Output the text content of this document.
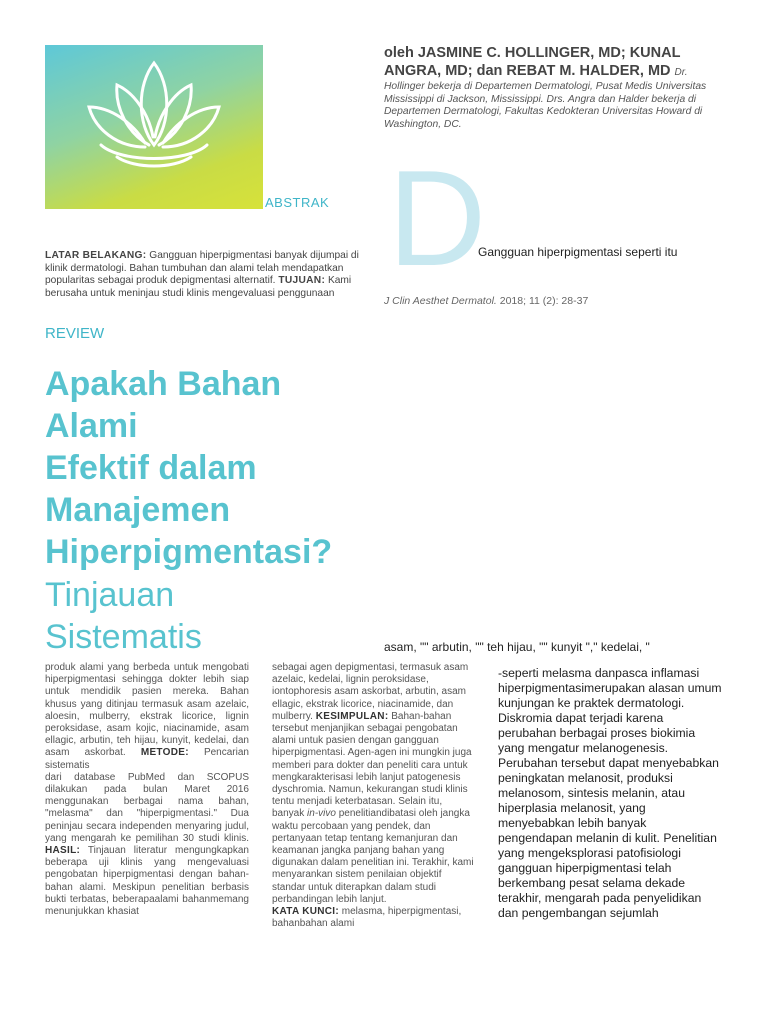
ABSTRAK
oleh JASMINE C. HOLLINGER, MD; KUNAL ANGRA, MD; dan REBAT M. HALDER, MD Dr.
Hollinger bekerja di Departemen Dermatologi, Pusat Medis Universitas Mississippi di Jackson, Mississippi. Drs. Angra dan Halder bekerja di Departemen Dermatologi, Fakultas Kedokteran Universitas Howard di Washington, DC.
D
Gangguan hiperpigmentasi seperti itu
LATAR BELAKANG: Gangguan hiperpigmentasi banyak dijumpai di klinik dermatologi. Bahan tumbuhan dan alami telah mendapatkan popularitas sebagai produk depigmentasi alternatif. TUJUAN: Kami berusaha untuk meninjau studi klinis mengevaluasi penggunaan
J Clin Aesthet Dermatol. 2018; 11 (2): 28-37
REVIEW
Apakah Bahan
Alami
Efektif dalam
Manajemen
Hiperpigmentasi?
Tinjauan
Sistematis	asam, "" arbutin, "" teh hijau, "" kunyit "," kedelai, "

produk alami yang berbeda untuk mengobati hiperpigmentasi sehingga dokter lebih siap untuk mendidik pasien mereka. Bahan khusus yang ditinjau termasuk asam azelaic, aloesin, mulberry, ekstrak licorice, lignin peroksidase, asam kojic, niacinamide, asam ellagic, arbutin, teh hijau, kunyit, kedelai, dan asam askorbat. METODE: Pencarian sistematis

dari database PubMed dan SCOPUS dilakukan pada bulan Maret 2016 menggunakan berbagai nama bahan, "melasma" dan "hiperpigmentasi." Dua peninjau secara independen menyaring judul, yang mengarah ke pemilihan 30 studi klinis. HASIL: Tinjauan literatur mengungkapkan beberapa uji klinis yang mengevaluasi pengobatan hiperpigmentasi dengan bahan-bahan alami. Meskipun penelitian berbasis bukti terbatas, beberapaalami bahanmemang menunjukkan khasiat

sebagai agen depigmentasi, termasuk asam azelaic, kedelai, lignin peroksidase, iontophoresis asam askorbat, arbutin, asam ellagic, ekstrak licorice, niacinamide, dan mulberry. KESIMPULAN: Bahan-bahan tersebut menjanjikan sebagai pengobatan alami untuk pasien dengan gangguan hiperpigmentasi. Agen-agen ini mungkin juga memberi para dokter dan peneliti cara untuk mengkarakterisasi lebih lanjut patogenesis dyschromia. Namun, kekurangan studi klinis tentu menjadi keterbatasan. Selain itu, banyak in-vivo penelitiandibatasi oleh jangka waktu percobaan yang pendek, dan pertanyaan tetap tentang kemanjuran dan keamanan jangka panjang bahan yang digunakan dalam penelitian ini. Terakhir, kami menyarankan sistem penilaian objektif standar untuk diterapkan dalam studi perbandingan lebih lanjut.

KATA KUNCI: melasma, hiperpigmentasi, bahanbahan alami

-seperti melasma danpasca inflamasi hiperpigmentasimerupakan alasan umum kunjungan ke praktek dermatologi. Diskromia dapat terjadi karena perubahan berbagai proses biokimia yang mengatur melanogenesis. Perubahan tersebut dapat menyebabkan peningkatan melanosit, produksi melanosom, sintesis melanin, atau hiperplasia melanosit, yang menyebabkan lebih banyak pengendapan melanin di kulit. Penelitian yang mengeksplorasi patofisiologi gangguan hiperpigmentasi telah berkembang pesat selama dekade terakhir, mengarah pada penyelidikan dan pengembangan sejumlah
